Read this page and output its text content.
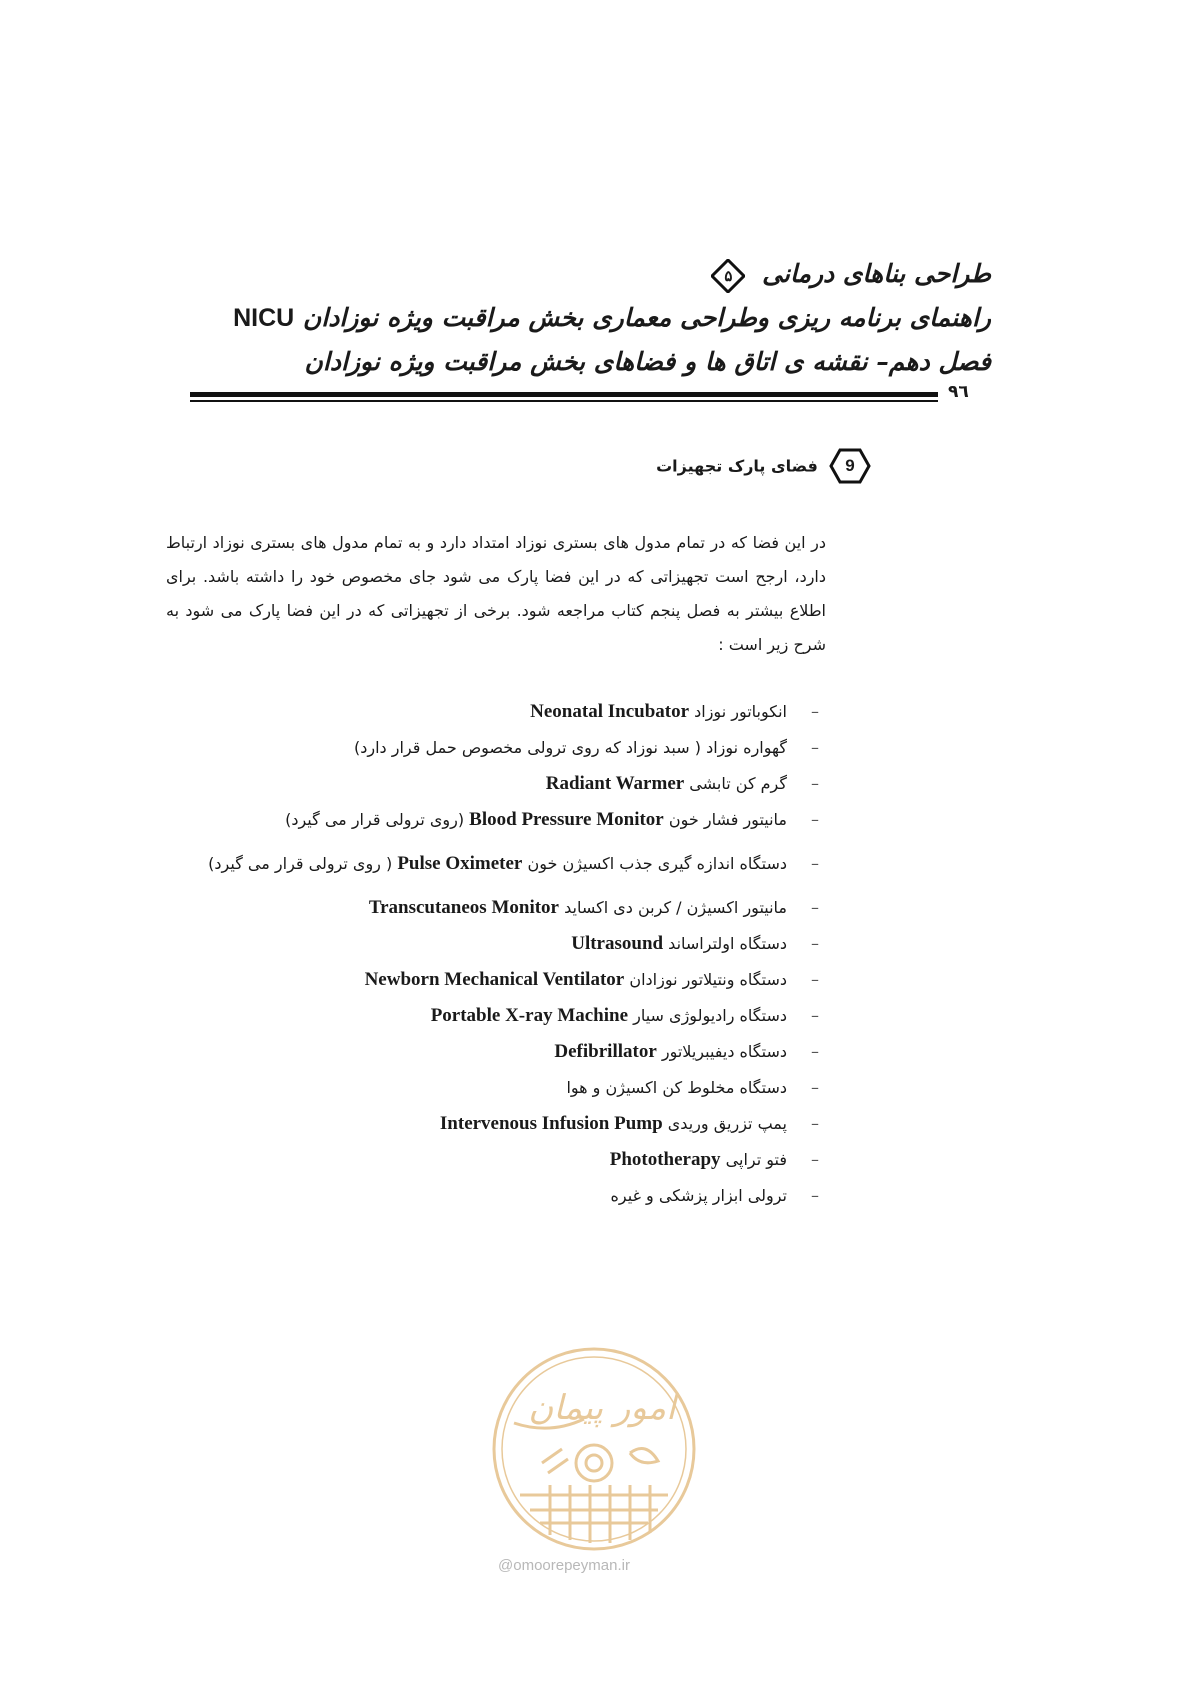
طراحی بناهای درمانی
۵
راهنمای برنامه ریزی وطراحی معماری بخش مراقبت ویژه نوزادان NICU
فصل دهم– نقشه ی اتاق ها و فضاهای بخش مراقبت ویژه نوزادان
۹٦
9
فضای پارک تجهیزات

در این فضا که در تمام مدول های بستری نوزاد امتداد دارد و به تمام مدول های بستری نوزاد ارتباط دارد، ارجح است تجهیزاتی که در این فضا پارک می شود جای مخصوص خود را داشته باشد. برای اطلاع بیشتر به فصل پنجم کتاب مراجعه شود. برخی از تجهیزاتی که در این فضا پارک می شود به شرح زیر است :

–
انکوباتور نوزاد Neonatal Incubator
–
گهواره نوزاد ( سبد نوزاد که روی ترولی مخصوص حمل قرار دارد)
–
گرم کن تابشی Radiant Warmer
–
مانیتور فشار خون Blood Pressure Monitor (روی ترولی قرار می گیرد)
–
دستگاه اندازه گیری جذب اکسیژن خون Pulse Oximeter ( روی ترولی قرار می گیرد)
–
مانیتور اکسیژن / کربن دی اکساید Transcutaneos Monitor
–
دستگاه اولتراساند Ultrasound
–
دستگاه ونتیلاتور نوزادان Newborn Mechanical Ventilator
–
دستگاه رادیولوژی سیار Portable X-ray Machine
–
دستگاه دیفیبریلاتور Defibrillator
–
دستگاه مخلوط کن اکسیژن و هوا
–
پمپ تزریق وریدی Intervenous Infusion Pump
–
فتو تراپی Phototherapy
–
ترولی ابزار پزشکی و غیره
امور پیمان
@omoorepeyman.ir
